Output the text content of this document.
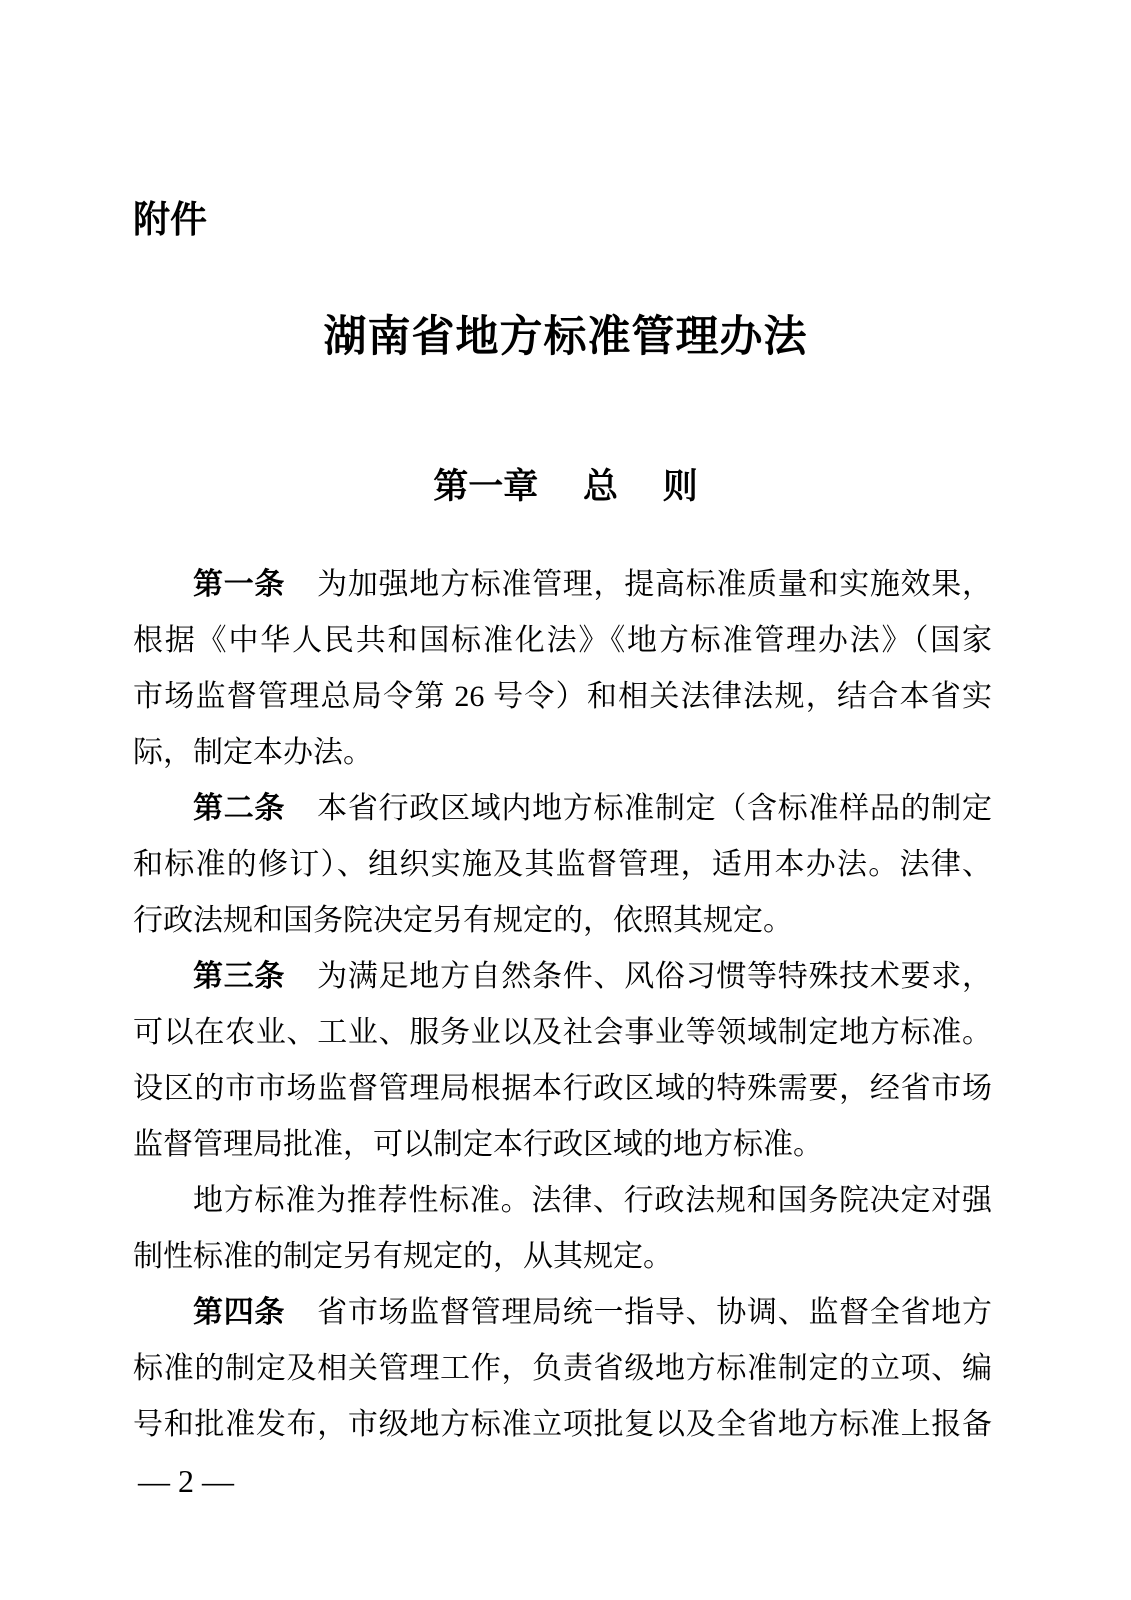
附件
湖南省地方标准管理办法
第一章　 总　 则
第一条 为加强地方标准管理，提高标准质量和实施效果，
根据《中华人民共和国标准化法》《地方标准管理办法》（国家
市场监督管理总局令第 26 号令）和相关法律法规，结合本省实
际，制定本办法。
第二条 本省行政区域内地方标准制定（含标准样品的制定
和标准的修订）、组织实施及其监督管理，适用本办法。法律、
行政法规和国务院决定另有规定的，依照其规定。
第三条 为满足地方自然条件、风俗习惯等特殊技术要求，
可以在农业、工业、服务业以及社会事业等领域制定地方标准。
设区的市市场监督管理局根据本行政区域的特殊需要，经省市场
监督管理局批准，可以制定本行政区域的地方标准。
地方标准为推荐性标准。法律、行政法规和国务院决定对强
制性标准的制定另有规定的，从其规定。
第四条 省市场监督管理局统一指导、协调、监督全省地方
标准的制定及相关管理工作，负责省级地方标准制定的立项、编
号和批准发布，市级地方标准立项批复以及全省地方标准上报备
— 2 —
